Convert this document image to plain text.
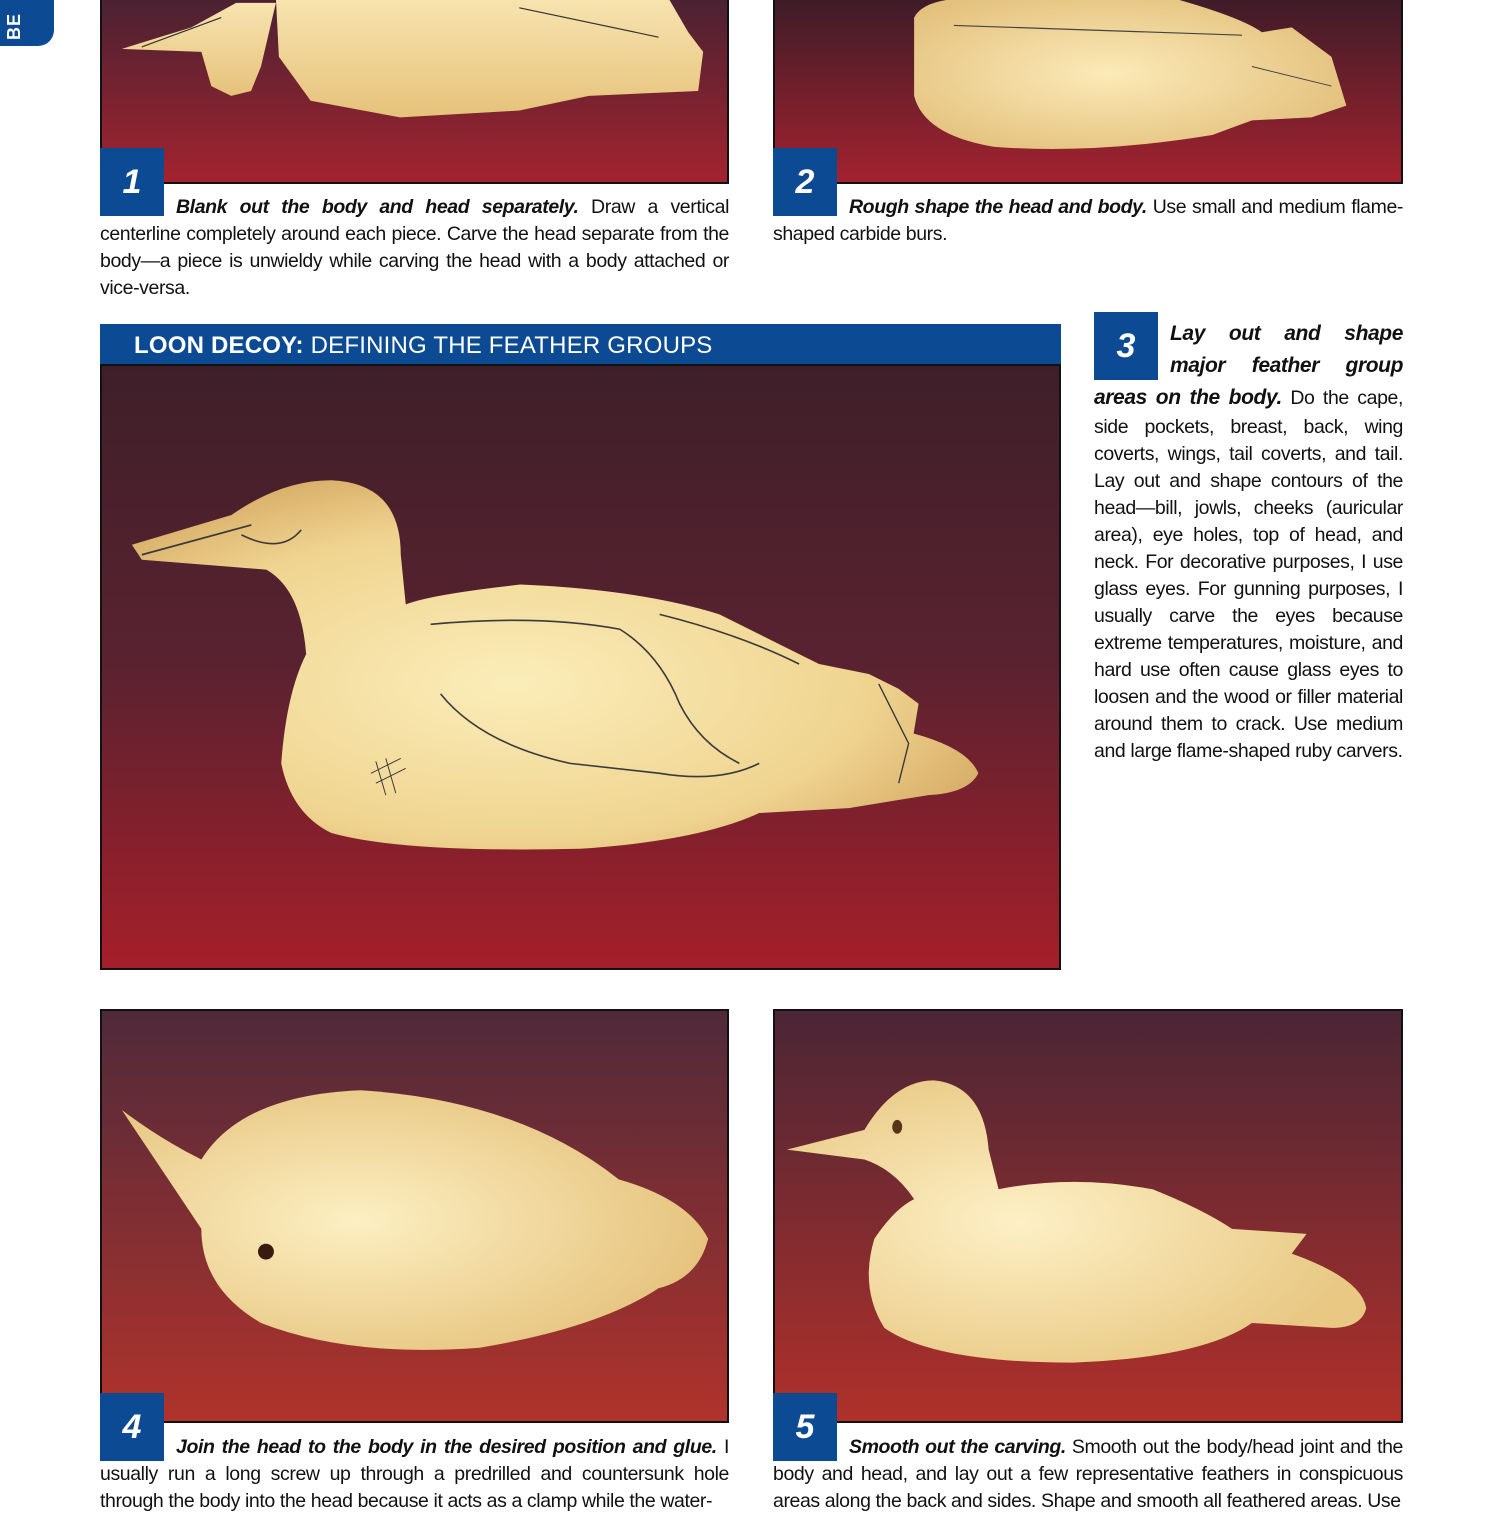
BE
1
Blank out the body and head separately. Draw a vertical centerline completely around each piece. Carve the head separate from the body—a piece is unwieldy while carving the head with a body attached or vice-versa.
2
Rough shape the head and body. Use small and medium flame-shaped carbide burs.
LOON DECOY: DEFINING THE FEATHER GROUPS	3	Lay out and shape major feather group areas on the body. Do the cape, side pockets, breast, back, wing coverts, wings, tail coverts, and tail. Lay out and shape contours of the head—bill, jowls, cheeks (auricular area), eye holes, top of head, and neck. For decorative purposes, I use glass eyes. For gunning purposes, I usually carve the eyes because extreme temperatures, moisture, and hard use often cause glass eyes to loosen and the wood or filler material around them to crack. Use medium and large flame-shaped ruby carvers.
4
Join the head to the body in the desired position and glue. I usually run a long screw up through a predrilled and countersunk hole through the body into the head because it acts as a clamp while the water-
5
Smooth out the carving. Smooth out the body/head joint and the body and head, and lay out a few representative feathers in conspicuous areas along the back and sides. Shape and smooth all feathered areas. Use
